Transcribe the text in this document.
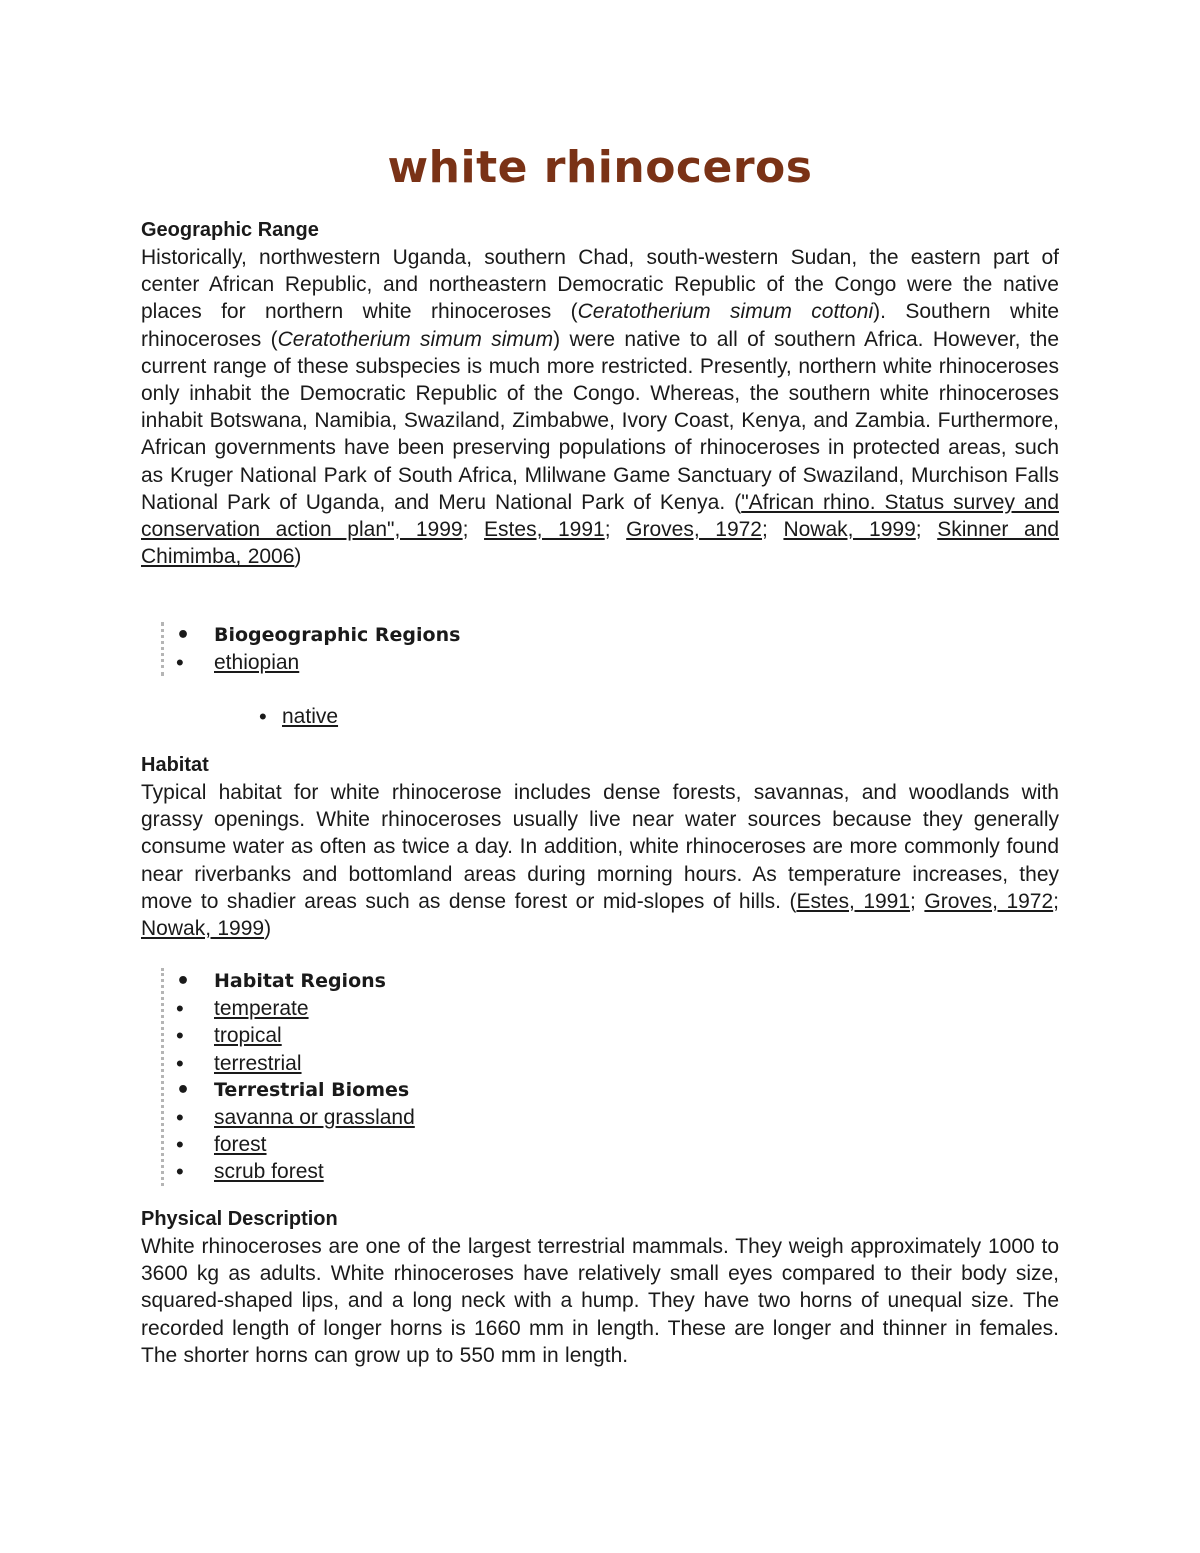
white rhinoceros

Geographic Range

Historically, northwestern Uganda, southern Chad, south-western Sudan, the eastern part of center African Republic, and northeastern Democratic Republic of the Congo were the native places for northern white rhinoceroses (Ceratotherium simum cottoni). Southern white rhinoceroses (Ceratotherium simum simum) were native to all of southern Africa. However, the current range of these subspecies is much more restricted. Presently, northern white rhinoceroses only inhabit the Democratic Republic of the Congo. Whereas, the southern white rhinoceroses inhabit Botswana, Namibia, Swaziland, Zimbabwe, Ivory Coast, Kenya, and Zambia. Furthermore, African governments have been preserving populations of rhinoceroses in protected areas, such as Kruger National Park of South Africa, Mlilwane Game Sanctuary of Swaziland, Murchison Falls National Park of Uganda, and Meru National Park of Kenya. ("African rhino. Status survey and conservation action plan", 1999; Estes, 1991; Groves, 1972; Nowak, 1999; Skinner and Chimimba, 2006)

• Biogeographic Regions
• ethiopian
• native

Habitat

Typical habitat for white rhinocerose includes dense forests, savannas, and woodlands with grassy openings. White rhinoceroses usually live near water sources because they generally consume water as often as twice a day. In addition, white rhinoceroses are more commonly found near riverbanks and bottomland areas during morning hours. As temperature increases, they move to shadier areas such as dense forest or mid-slopes of hills. (Estes, 1991; Groves, 1972; Nowak, 1999)

• Habitat Regions
• temperate
• tropical
• terrestrial
• Terrestrial Biomes
• savanna or grassland
• forest
• scrub forest

Physical Description

White rhinoceroses are one of the largest terrestrial mammals. They weigh approximately 1000 to 3600 kg as adults. White rhinoceroses have relatively small eyes compared to their body size, squared-shaped lips, and a long neck with a hump. They have two horns of unequal size. The recorded length of longer horns is 1660 mm in length. These are longer and thinner in females. The shorter horns can grow up to 550 mm in length.
